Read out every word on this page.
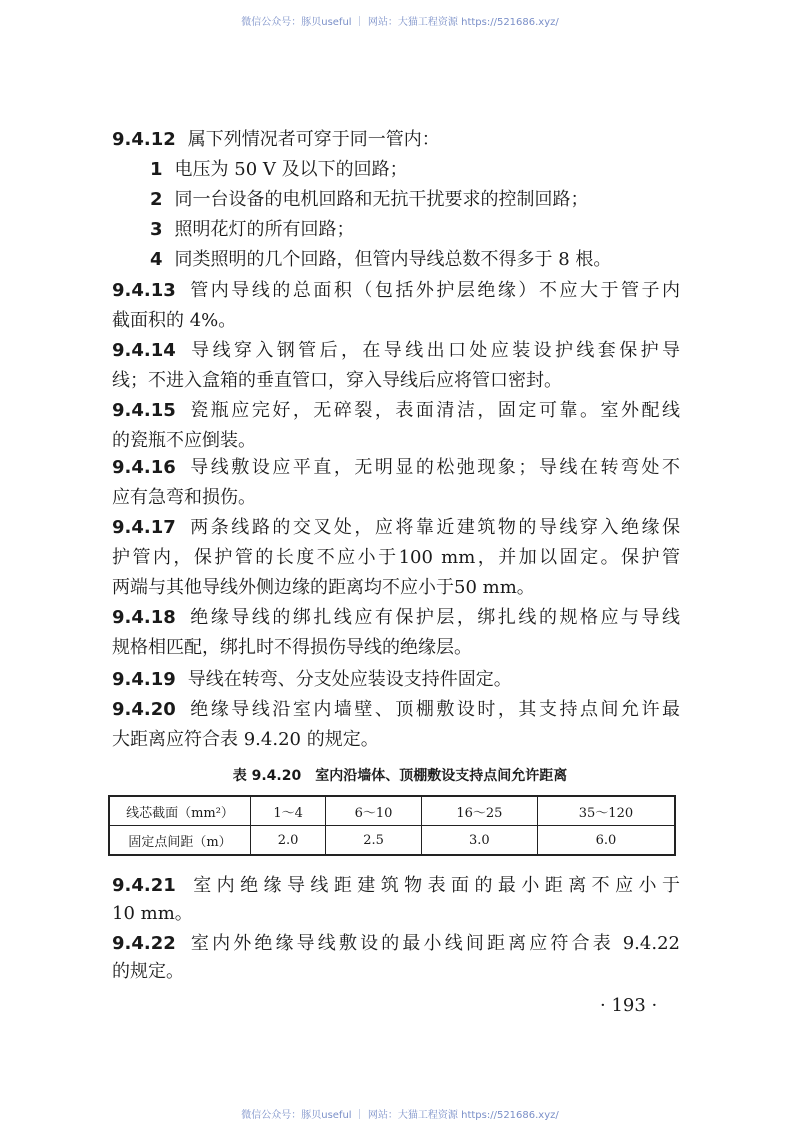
微信公众号：豚贝useful ｜ 网站：大猫工程资源 https://521686.xyz/
9.4.12 属下列情况者可穿于同一管内：
1 电压为 50 V 及以下的回路；
2 同一台设备的电机回路和无抗干扰要求的控制回路；
3 照明花灯的所有回路；
4 同类照明的几个回路，但管内导线总数不得多于 8 根。
9.4.13 管内导线的总面积（包括外护层绝缘）不应大于管子内
截面积的 4%。
9.4.14 导线穿入钢管后，在导线出口处应装设护线套保护导
线；不进入盒箱的垂直管口，穿入导线后应将管口密封。
9.4.15 瓷瓶应完好，无碎裂，表面清洁，固定可靠。室外配线
的瓷瓶不应倒装。
9.4.16 导线敷设应平直，无明显的松弛现象；导线在转弯处不
应有急弯和损伤。
9.4.17 两条线路的交叉处，应将靠近建筑物的导线穿入绝缘保
护管内，保护管的长度不应小于100 mm，并加以固定。保护管
两端与其他导线外侧边缘的距离均不应小于50 mm。
9.4.18 绝缘导线的绑扎线应有保护层，绑扎线的规格应与导线
规格相匹配，绑扎时不得损伤导线的绝缘层。
9.4.19 导线在转弯、分支处应装设支持件固定。
9.4.20 绝缘导线沿室内墙壁、顶棚敷设时，其支持点间允许最
大距离应符合表 9.4.20 的规定。
表 9.4.20　室内沿墙体、顶棚敷设支持点间允许距离
线芯截面（mm²）	1～4	6～10	16～25	35～120
固定点间距（m）	2.0	2.5	3.0	6.0
9.4.21 室内绝缘导线距建筑物表面的最小距离不应小于
10 mm。
9.4.22 室内外绝缘导线敷设的最小线间距离应符合表 9.4.22
的规定。
· 193 ·
微信公众号：豚贝useful ｜ 网站：大猫工程资源 https://521686.xyz/
